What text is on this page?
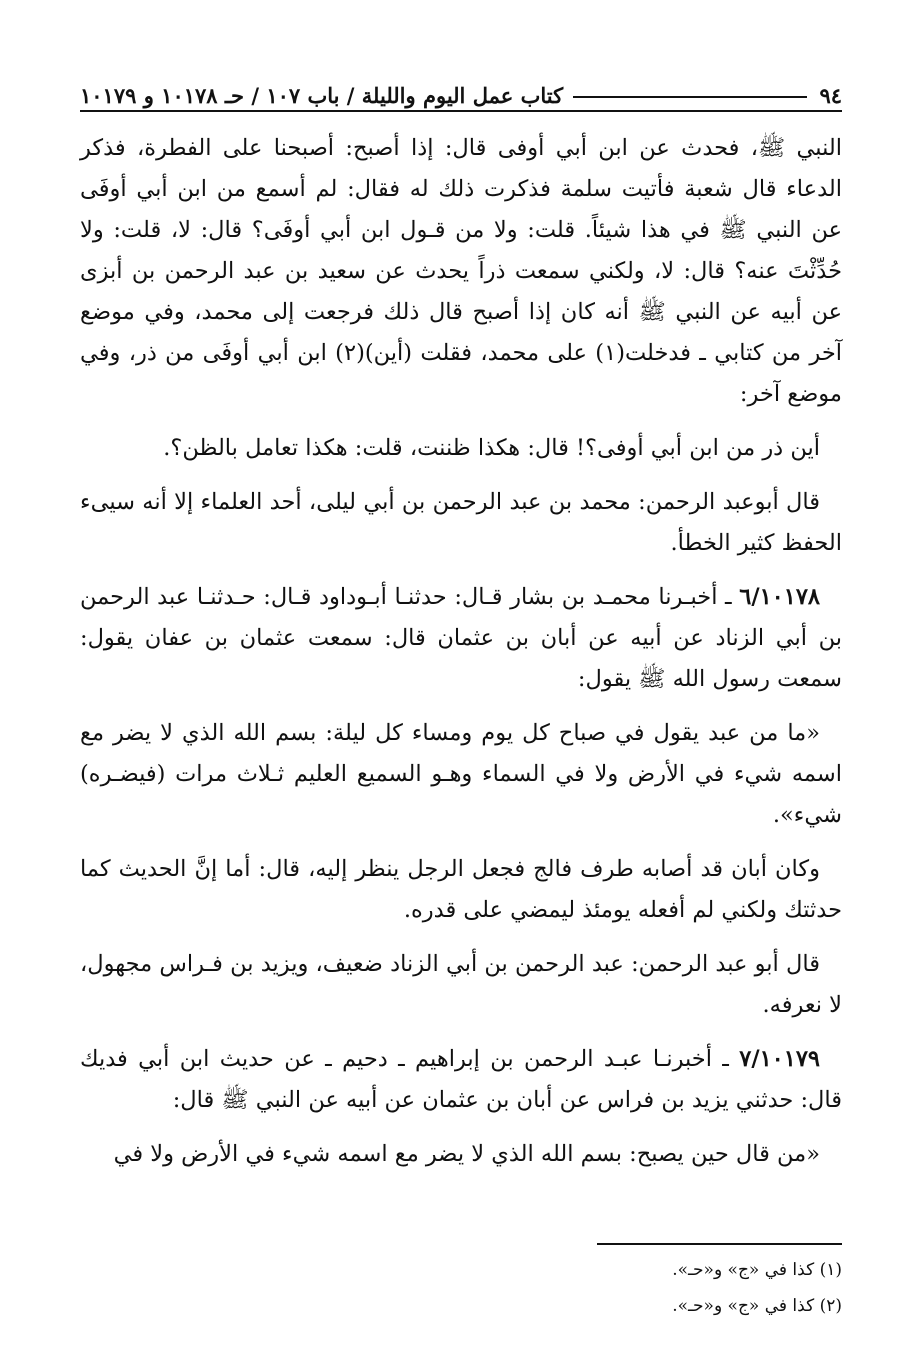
٩٤
كتاب عمل اليوم والليلة / باب ١٠٧ / حـ ١٠١٧٨ و ١٠١٧٩

النبي ﷺ، فحدث عن ابن أبي أوفى قال: إذا أصبح: أصبحنا على الفطرة، فذكر الدعاء قال شعبة فأتيت سلمة فذكرت ذلك له فقال: لم أسمع من ابن أبي أوفَى عن النبي ﷺ في هذا شيئاً. قلت: ولا من قـول ابن أبي أوفَى؟ قال: لا، قلت: ولا حُدِّثْتَ عنه؟ قال: لا، ولكني سمعت ذراً يحدث عن سعيد بن عبد الرحمن بن أبزى عن أبيه عن النبي ﷺ أنه كان إذا أصبح قال ذلك فرجعت إلى محمد، وفي موضع آخر من كتابي ـ فدخلت(١) على محمد، فقلت (أين)(٢) ابن أبي أوفَى من ذر، وفي موضع آخر:

أين ذر من ابن أبي أوفى؟! قال: هكذا ظننت، قلت: هكذا تعامل بالظن؟.

قال أبوعبد الرحمن: محمد بن عبد الرحمن بن أبي ليلى، أحد العلماء إلا أنه سيىء الحفظ كثير الخطأ.

٦/١٠١٧٨ ـ أخبـرنا محمـد بن بشار قـال: حدثنـا أبـوداود قـال: حـدثنـا عبد الرحمن بن أبي الزناد عن أبيه عن أبان بن عثمان قال: سمعت عثمان بن عفان يقول: سمعت رسول الله ﷺ يقول:

«ما من عبد يقول في صباح كل يوم ومساء كل ليلة: بسم الله الذي لا يضر مع اسمه شيء في الأرض ولا في السماء وهـو السميع العليم ثـلاث مرات (فيضـره) شيء».

وكان أبان قد أصابه طرف فالج فجعل الرجل ينظر إليه، قال: أما إنَّ الحديث كما حدثتك ولكني لم أفعله يومئذ ليمضي على قدره.

قال أبو عبد الرحمن: عبد الرحمن بن أبي الزناد ضعيف، ويزيد بن فـراس مجهول، لا نعرفه.

٧/١٠١٧٩ ـ أخبرنـا عبـد الرحمن بن إبراهيم ـ دحيم ـ عن حديث ابن أبي فديك قال: حدثني يزيد بن فراس عن أبان بن عثمان عن أبيه عن النبي ﷺ قال:

«من قال حين يصبح: بسم الله الذي لا يضر مع اسمه شيء في الأرض ولا في

(١) كذا في «ج» و«حـ».
(٢) كذا في «ج» و«حـ».
